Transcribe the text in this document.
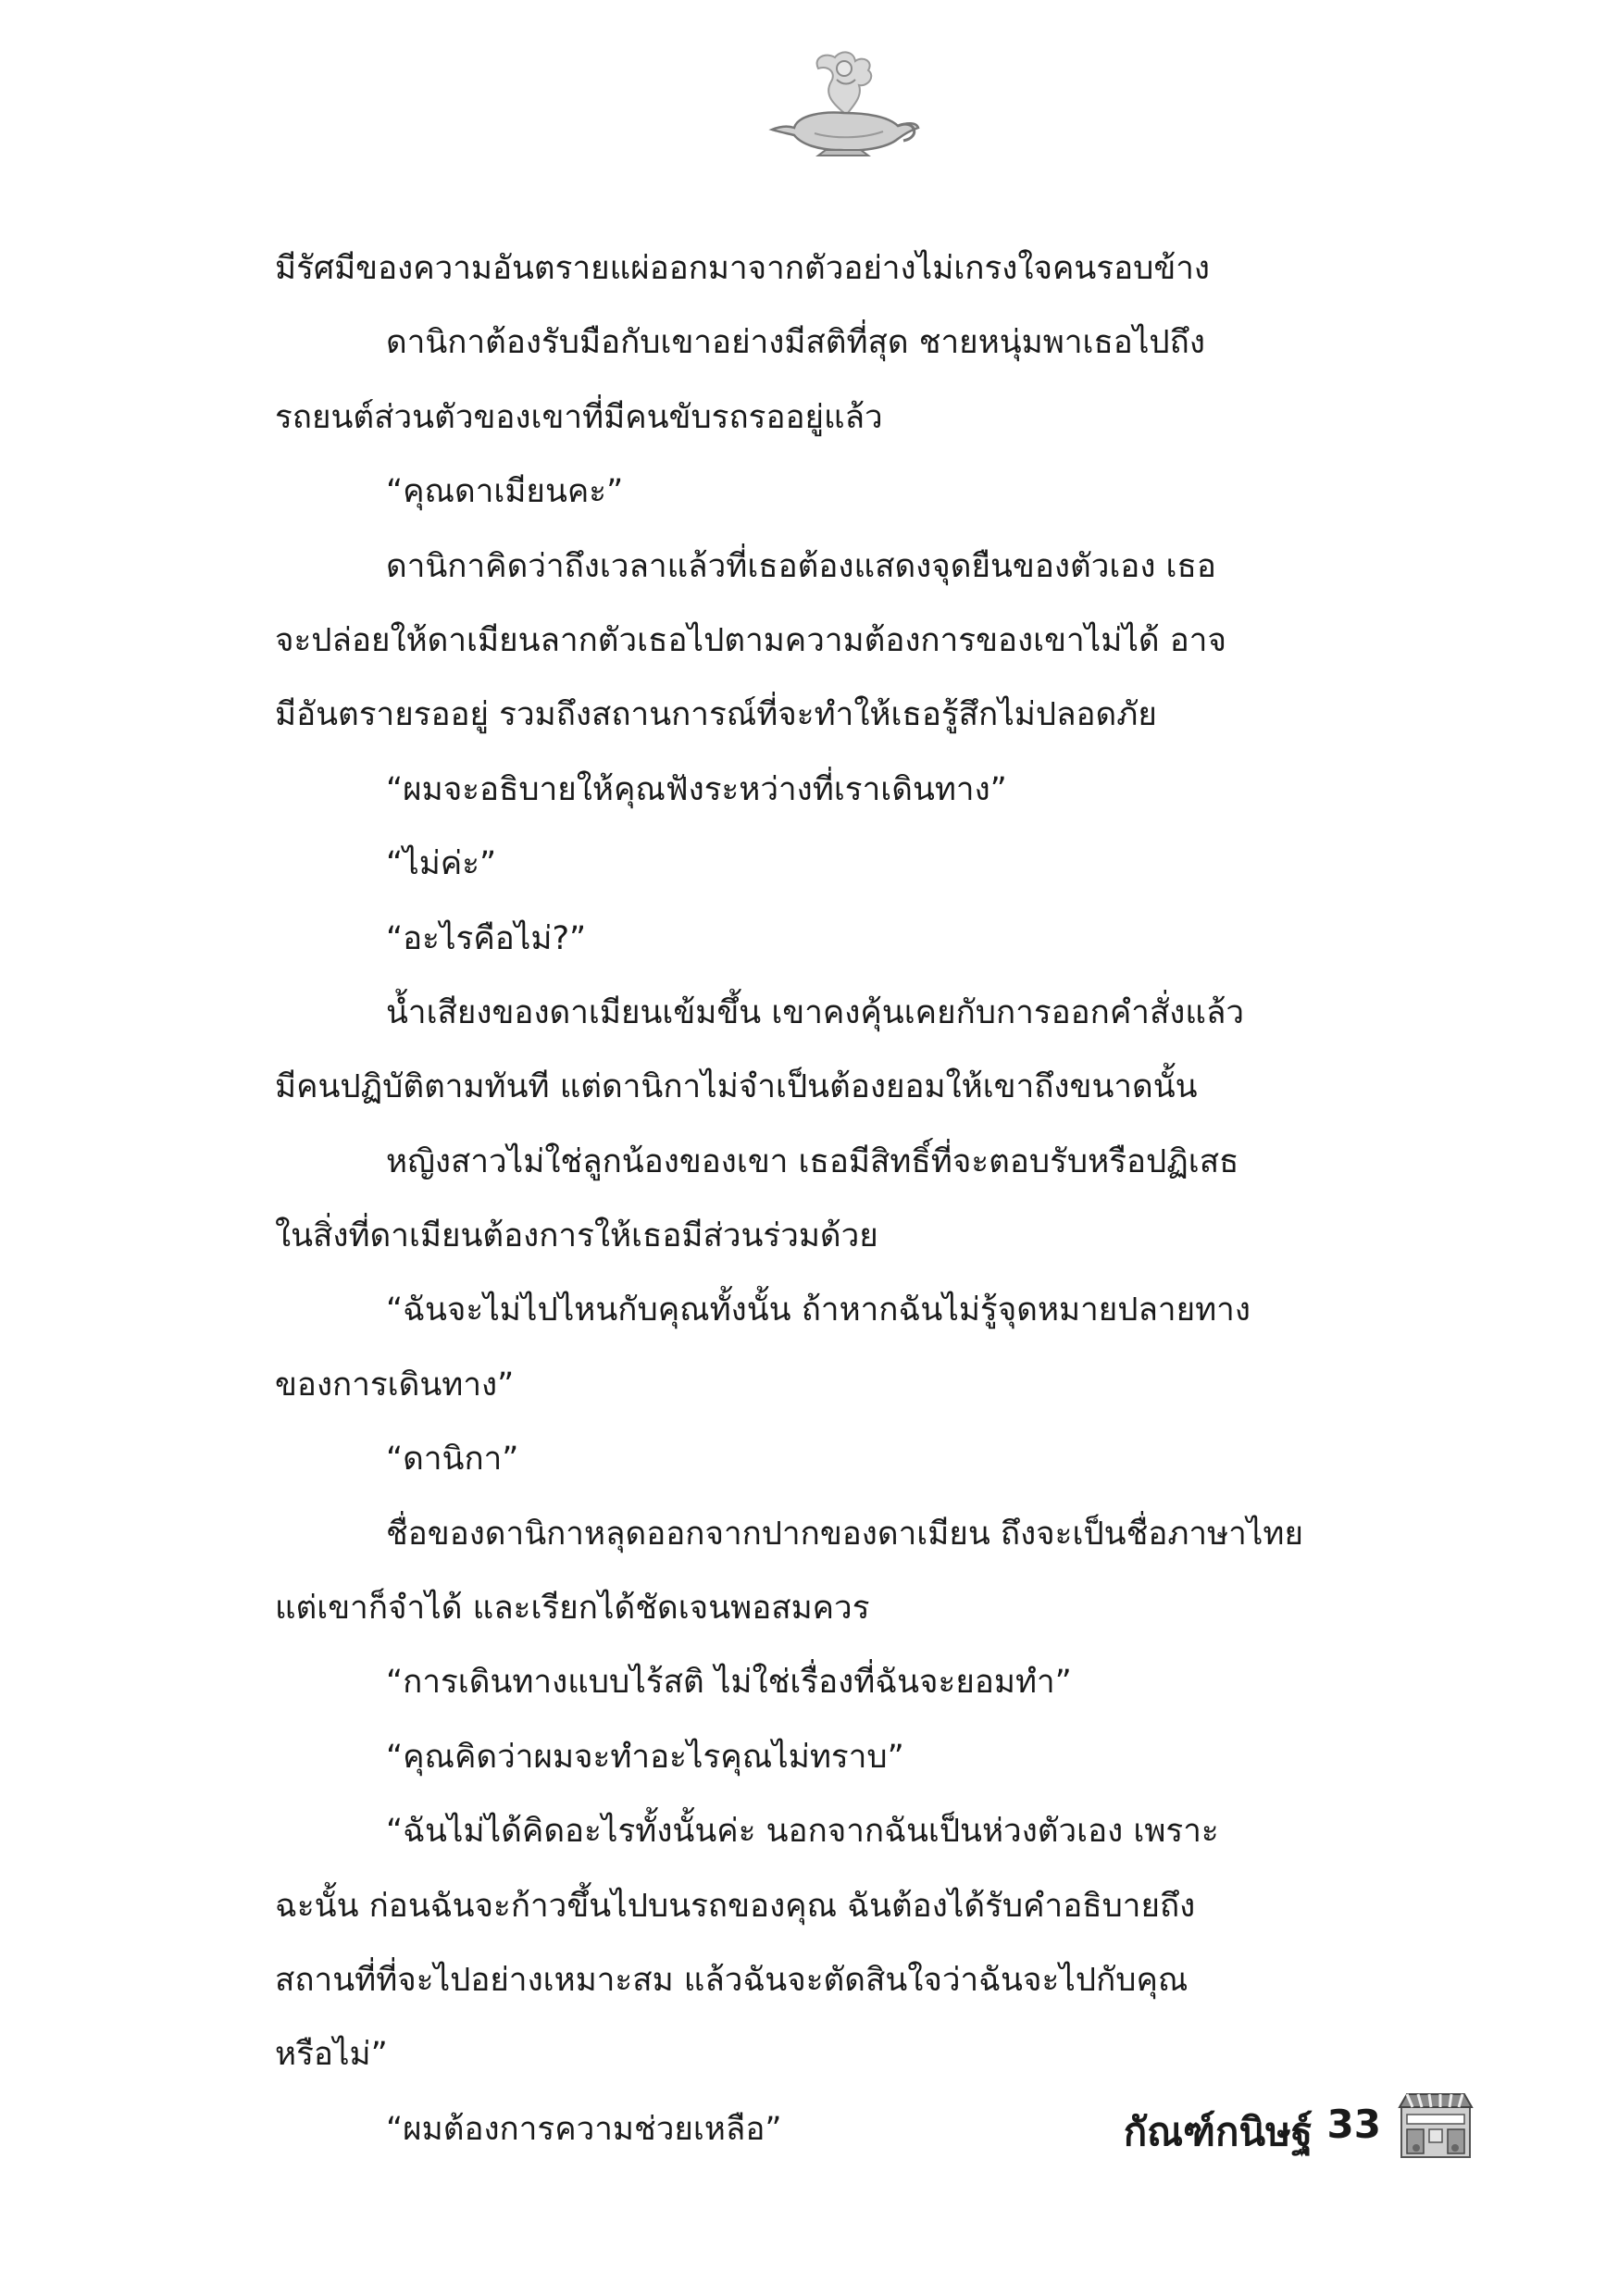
มีรัศมีของความอันตรายแผ่ออกมาจากตัวอย่างไม่เกรงใจคนรอบข้าง
ดานิกาต้องรับมือกับเขาอย่างมีสติที่สุด ชายหนุ่มพาเธอไปถึง
รถยนต์ส่วนตัวของเขาที่มีคนขับรถรออยู่แล้ว
“คุณดาเมียนคะ”
ดานิกาคิดว่าถึงเวลาแล้วที่เธอต้องแสดงจุดยืนของตัวเอง เธอ
จะปล่อยให้ดาเมียนลากตัวเธอไปตามความต้องการของเขาไม่ได้ อาจ
มีอันตรายรออยู่ รวมถึงสถานการณ์ที่จะทำให้เธอรู้สึกไม่ปลอดภัย
“ผมจะอธิบายให้คุณฟังระหว่างที่เราเดินทาง”
“ไม่ค่ะ”
“อะไรคือไม่?”
น้ำเสียงของดาเมียนเข้มขึ้น เขาคงคุ้นเคยกับการออกคำสั่งแล้ว
มีคนปฏิบัติตามทันที แต่ดานิกาไม่จำเป็นต้องยอมให้เขาถึงขนาดนั้น
หญิงสาวไม่ใช่ลูกน้องของเขา เธอมีสิทธิ์ที่จะตอบรับหรือปฏิเสธ
ในสิ่งที่ดาเมียนต้องการให้เธอมีส่วนร่วมด้วย
“ฉันจะไม่ไปไหนกับคุณทั้งนั้น ถ้าหากฉันไม่รู้จุดหมายปลายทาง
ของการเดินทาง”
“ดานิกา”
ชื่อของดานิกาหลุดออกจากปากของดาเมียน ถึงจะเป็นชื่อภาษาไทย
แต่เขาก็จำได้ และเรียกได้ชัดเจนพอสมควร
“การเดินทางแบบไร้สติ ไม่ใช่เรื่องที่ฉันจะยอมทำ”
“คุณคิดว่าผมจะทำอะไรคุณไม่ทราบ”
“ฉันไม่ได้คิดอะไรทั้งนั้นค่ะ นอกจากฉันเป็นห่วงตัวเอง เพราะ
ฉะนั้น ก่อนฉันจะก้าวขึ้นไปบนรถของคุณ ฉันต้องได้รับคำอธิบายถึง
สถานที่ที่จะไปอย่างเหมาะสม แล้วฉันจะตัดสินใจว่าฉันจะไปกับคุณ
หรือไม่”
“ผมต้องการความช่วยเหลือ”	กัณฑ์กนิษฐ์ 33
